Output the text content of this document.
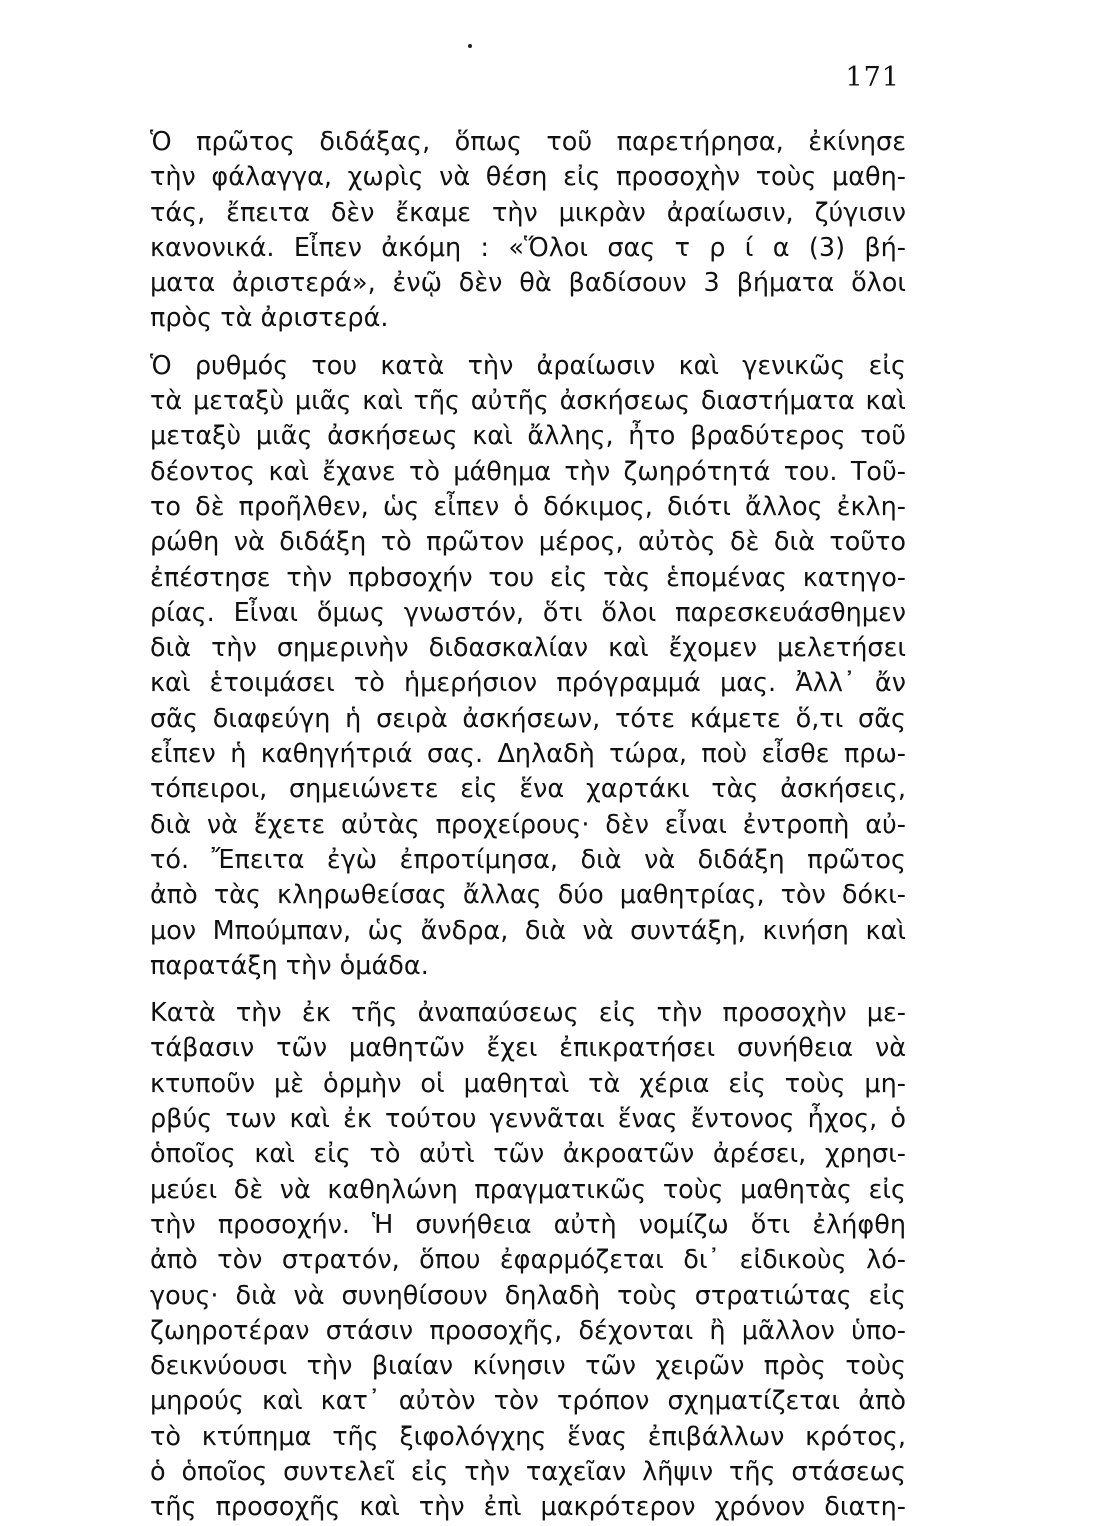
171
Ὁ πρῶτος διδάξας, ὅπως τοῦ παρετήρησα, ἐκίνησε
τὴν φάλαγγα, χωρὶς νὰ θέση εἰς προσοχὴν τοὺς μαθη-
τάς, ἔπειτα δὲν ἔκαμε τὴν μικρὰν ἀραίωσιν, ζύγισιν
κανονικά. Εἶπεν ἀκόμη : «Ὅλοι σας τ ρ ί α (3) βή-
ματα ἀριστερά», ἐνῷ δὲν θὰ βαδίσουν 3 βήματα ὅλοι
πρὸς τὰ ἀριστερά.
Ὁ ρυθμός του κατὰ τὴν ἀραίωσιν καὶ γενικῶς εἰς
τὰ μεταξὺ μιᾶς καὶ τῆς αὐτῆς ἀσκήσεως διαστήματα καὶ
μεταξὺ μιᾶς ἀσκήσεως καὶ ἄλλης, ἦτο βραδύτερος τοῦ
δέοντος καὶ ἔχανε τὸ μάθημα τὴν ζωηρότητά του. Τοῦ-
το δὲ προῆλθεν, ὡς εἶπεν ὁ δόκιμος, διότι ἄλλος ἐκλη-
ρώθη νὰ διδάξη τὸ πρῶτον μέρος, αὐτὸς δὲ διὰ τοῦτο
ἐπέστησε τὴν πρbσοχήν του εἰς τὰς ἑπομένας κατηγο-
ρίας. Εἶναι ὅμως γνωστόν, ὅτι ὅλοι παρεσκευάσθημεν
διὰ τὴν σημερινὴν διδασκαλίαν καὶ ἔχομεν μελετήσει
καὶ ἑτοιμάσει τὸ ἡμερήσιον πρόγραμμά μας. Ἀλλ᾽ ἄν
σᾶς διαφεύγη ἡ σειρὰ ἀσκήσεων, τότε κάμετε ὅ,τι σᾶς
εἶπεν ἡ καθηγήτριά σας. Δηλαδὴ τώρα, ποὺ εἶσθε πρω-
τόπειροι, σημειώνετε εἰς ἕνα χαρτάκι τὰς ἀσκήσεις,
διὰ νὰ ἔχετε αὐτὰς προχείρους· δὲν εἶναι ἐντροπὴ αὐ-
τό. Ἔπειτα ἐγὼ ἐπροτίμησα, διὰ νὰ διδάξη πρῶτος
ἀπὸ τὰς κληρωθείσας ἄλλας δύο μαθητρίας, τὸν δόκι-
μον Μπούμπαν, ὡς ἄνδρα, διὰ νὰ συντάξη, κινήση καὶ
παρατάξη τὴν ὁμάδα.
Κατὰ τὴν ἐκ τῆς ἀναπαύσεως εἰς τὴν προσοχὴν με-
τάβασιν τῶν μαθητῶν ἔχει ἐπικρατήσει συνήθεια νὰ
κτυποῦν μὲ ὁρμὴν οἱ μαθηταὶ τὰ χέρια εἰς τοὺς μη-
ρβύς των καὶ ἐκ τούτου γεννᾶται ἕνας ἔντονος ἦχος, ὁ
ὁποῖος καὶ εἰς τὸ αὐτὶ τῶν ἀκροατῶν ἀρέσει, χρησι-
μεύει δὲ νὰ καθηλώνη πραγματικῶς τοὺς μαθητὰς εἰς
τὴν προσοχήν. Ἡ συνήθεια αὐτὴ νομίζω ὅτι ἐλήφθη
ἀπὸ τὸν στρατόν, ὅπου ἐφαρμόζεται δι᾽ εἰδικοὺς λό-
γους· διὰ νὰ συνηθίσουν δηλαδὴ τοὺς στρατιώτας εἰς
ζωηροτέραν στάσιν προσοχῆς, δέχονται ἢ μᾶλλον ὑπο-
δεικνύουσι τὴν βιαίαν κίνησιν τῶν χειρῶν πρὸς τοὺς
μηρούς καὶ κατ᾽ αὐτὸν τὸν τρόπον σχηματίζεται ἀπὸ
τὸ κτύπημα τῆς ξιφολόγχης ἕνας ἐπιβάλλων κρότος,
ὁ ὁποῖος συντελεῖ εἰς τὴν ταχεῖαν λῆψιν τῆς στάσεως
τῆς προσοχῆς καὶ τὴν ἐπὶ μακρότερον χρόνον διατη-
